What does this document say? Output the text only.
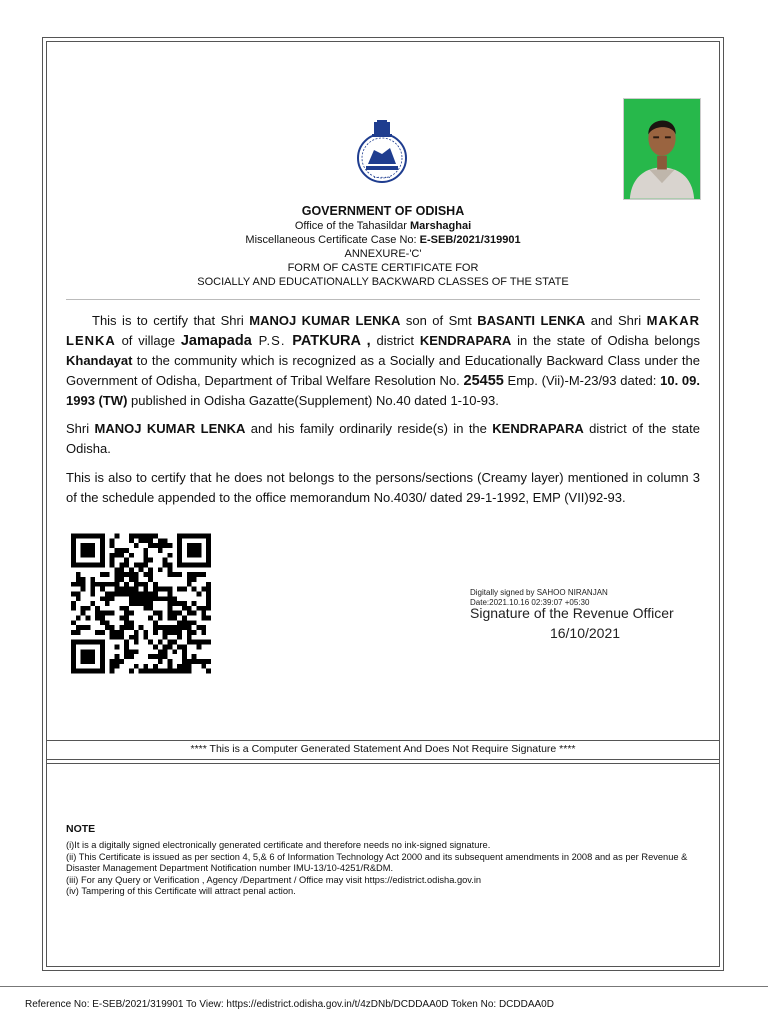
• • • • •
GOVERNMENT OF ODISHA
Office of the Tahasildar Marshaghai
Miscellaneous Certificate Case No: E-SEB/2021/319901
ANNEXURE-'C'
FORM OF CASTE CERTIFICATE FOR
SOCIALLY AND EDUCATIONALLY BACKWARD CLASSES OF THE STATE
This is to certify that Shri MANOJ KUMAR LENKA son of Smt BASANTI LENKA and Shri MAKAR LENKA of village Jamapada P.S. PATKURA , district KENDRAPARA in the state of Odisha belongs Khandayat to the community which is recognized as a Socially and Educationally Backward Class under the Government of Odisha, Department of Tribal Welfare Resolution No. 25455 Emp. (Vii)-M-23/93 dated: 10. 09. 1993 (TW) published in Odisha Gazatte(Supplement) No.40 dated 1-10-93.
Shri MANOJ KUMAR LENKA and his family ordinarily reside(s) in the KENDRAPARA district of the state Odisha.
This is also to certify that he does not belongs to the persons/sections (Creamy layer) mentioned in column 3 of the schedule appended to the office memorandum No.4030/ dated 29-1-1992, EMP (VII)92-93.
Digitally signed by SAHOO NIRANJAN
Date:2021.10.16 02:39:07 +05:30
Signature of the Revenue Officer
16/10/2021
**** This is a Computer Generated Statement And Does Not Require Signature ****
NOTE
(i)It is a digitally signed electronically generated certificate and therefore needs no ink-signed signature.
(ii) This Certificate is issued as per section 4, 5,& 6 of Information Technology Act 2000 and its subsequent amendments in 2008 and as per Revenue & Disaster Management Department Notification number IMU-13/10-4251/R&DM.
(iii) For any Query or Verification , Agency /Department / Office may visit https://edistrict.odisha.gov.in
(iv) Tampering of this Certificate will attract penal action.
Reference No: E-SEB/2021/319901 To View: https://edistrict.odisha.gov.in/t/4zDNb/DCDDAA0D Token No: DCDDAA0D
